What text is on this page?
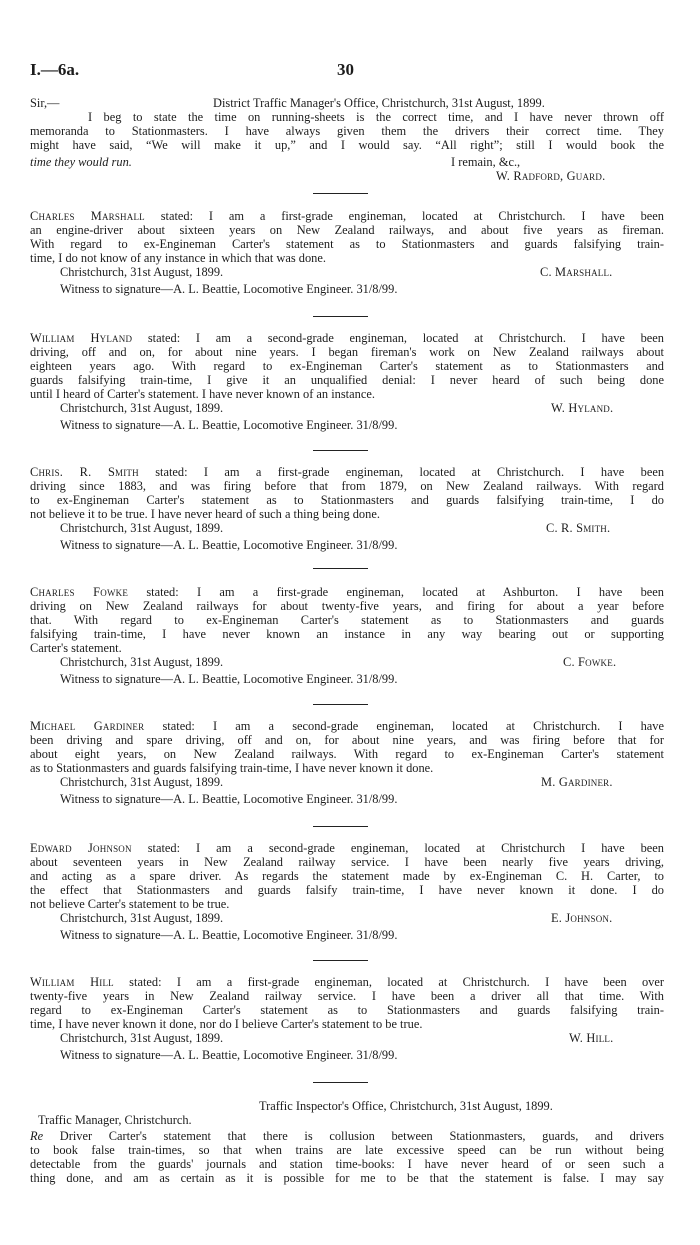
I.—6a.	30
Sir,—	District Traffic Manager's Office, Christchurch, 31st August, 1899.
I beg to state the time on running-sheets is the correct time, and I have never thrown off
memoranda to Stationmasters. I have always given them the drivers their correct time. They
might have said, “We will make it up,” and I would say. “All right”; still I would book the
time they would run.	I remain, &c.,
W. Radford, Guard.
Charles Marshall stated: I am a first-grade engineman, located at Christchurch. I have been
an engine-driver about sixteen years on New Zealand railways, and about five years as fireman.
With regard to ex-Engineman Carter's statement as to Stationmasters and guards falsifying train-
time, I do not know of any instance in which that was done.
Christchurch, 31st August, 1899.	C. Marshall.
Witness to signature—A. L. Beattie, Locomotive Engineer. 31/8/99.
William Hyland stated: I am a second-grade engineman, located at Christchurch. I have been
driving, off and on, for about nine years. I began fireman's work on New Zealand railways about
eighteen years ago. With regard to ex-Engineman Carter's statement as to Stationmasters and
guards falsifying train-time, I give it an unqualified denial: I never heard of such being done
until I heard of Carter's statement. I have never known of an instance.
Christchurch, 31st August, 1899.	W. Hyland.
Witness to signature—A. L. Beattie, Locomotive Engineer. 31/8/99.
Chris. R. Smith stated: I am a first-grade engineman, located at Christchurch. I have been
driving since 1883, and was firing before that from 1879, on New Zealand railways. With regard
to ex-Engineman Carter's statement as to Stationmasters and guards falsifying train-time, I do
not believe it to be true. I have never heard of such a thing being done.
Christchurch, 31st August, 1899.	C. R. Smith.
Witness to signature—A. L. Beattie, Locomotive Engineer. 31/8/99.
Charles Fowke stated: I am a first-grade engineman, located at Ashburton. I have been
driving on New Zealand railways for about twenty-five years, and firing for about a year before
that. With regard to ex-Engineman Carter's statement as to Stationmasters and guards
falsifying train-time, I have never known an instance in any way bearing out or supporting
Carter's statement.
Christchurch, 31st August, 1899.	C. Fowke.
Witness to signature—A. L. Beattie, Locomotive Engineer. 31/8/99.
Michael Gardiner stated: I am a second-grade engineman, located at Christchurch. I have
been driving and spare driving, off and on, for about nine years, and was firing before that for
about eight years, on New Zealand railways. With regard to ex-Engineman Carter's statement
as to Stationmasters and guards falsifying train-time, I have never known it done.
Christchurch, 31st August, 1899.	M. Gardiner.
Witness to signature—A. L. Beattie, Locomotive Engineer. 31/8/99.
Edward Johnson stated: I am a second-grade engineman, located at Christchurch I have been
about seventeen years in New Zealand railway service. I have been nearly five years driving,
and acting as a spare driver. As regards the statement made by ex-Engineman C. H. Carter, to
the effect that Stationmasters and guards falsify train-time, I have never known it done. I do
not believe Carter's statement to be true.
Christchurch, 31st August, 1899.	E. Johnson.
Witness to signature—A. L. Beattie, Locomotive Engineer. 31/8/99.
William Hill stated: I am a first-grade engineman, located at Christchurch. I have been over
twenty-five years in New Zealand railway service. I have been a driver all that time. With
regard to ex-Engineman Carter's statement as to Stationmasters and guards falsifying train-
time, I have never known it done, nor do I believe Carter's statement to be true.
Christchurch, 31st August, 1899.	W. Hill.
Witness to signature—A. L. Beattie, Locomotive Engineer. 31/8/99.
Traffic Inspector's Office, Christchurch, 31st August, 1899.
Traffic Manager, Christchurch.
Re Driver Carter's statement that there is collusion between Stationmasters, guards, and drivers
to book false train-times, so that when trains are late excessive speed can be run without being
detectable from the guards' journals and station time-books: I have never heard of or seen such a
thing done, and am as certain as it is possible for me to be that the statement is false. I may say
